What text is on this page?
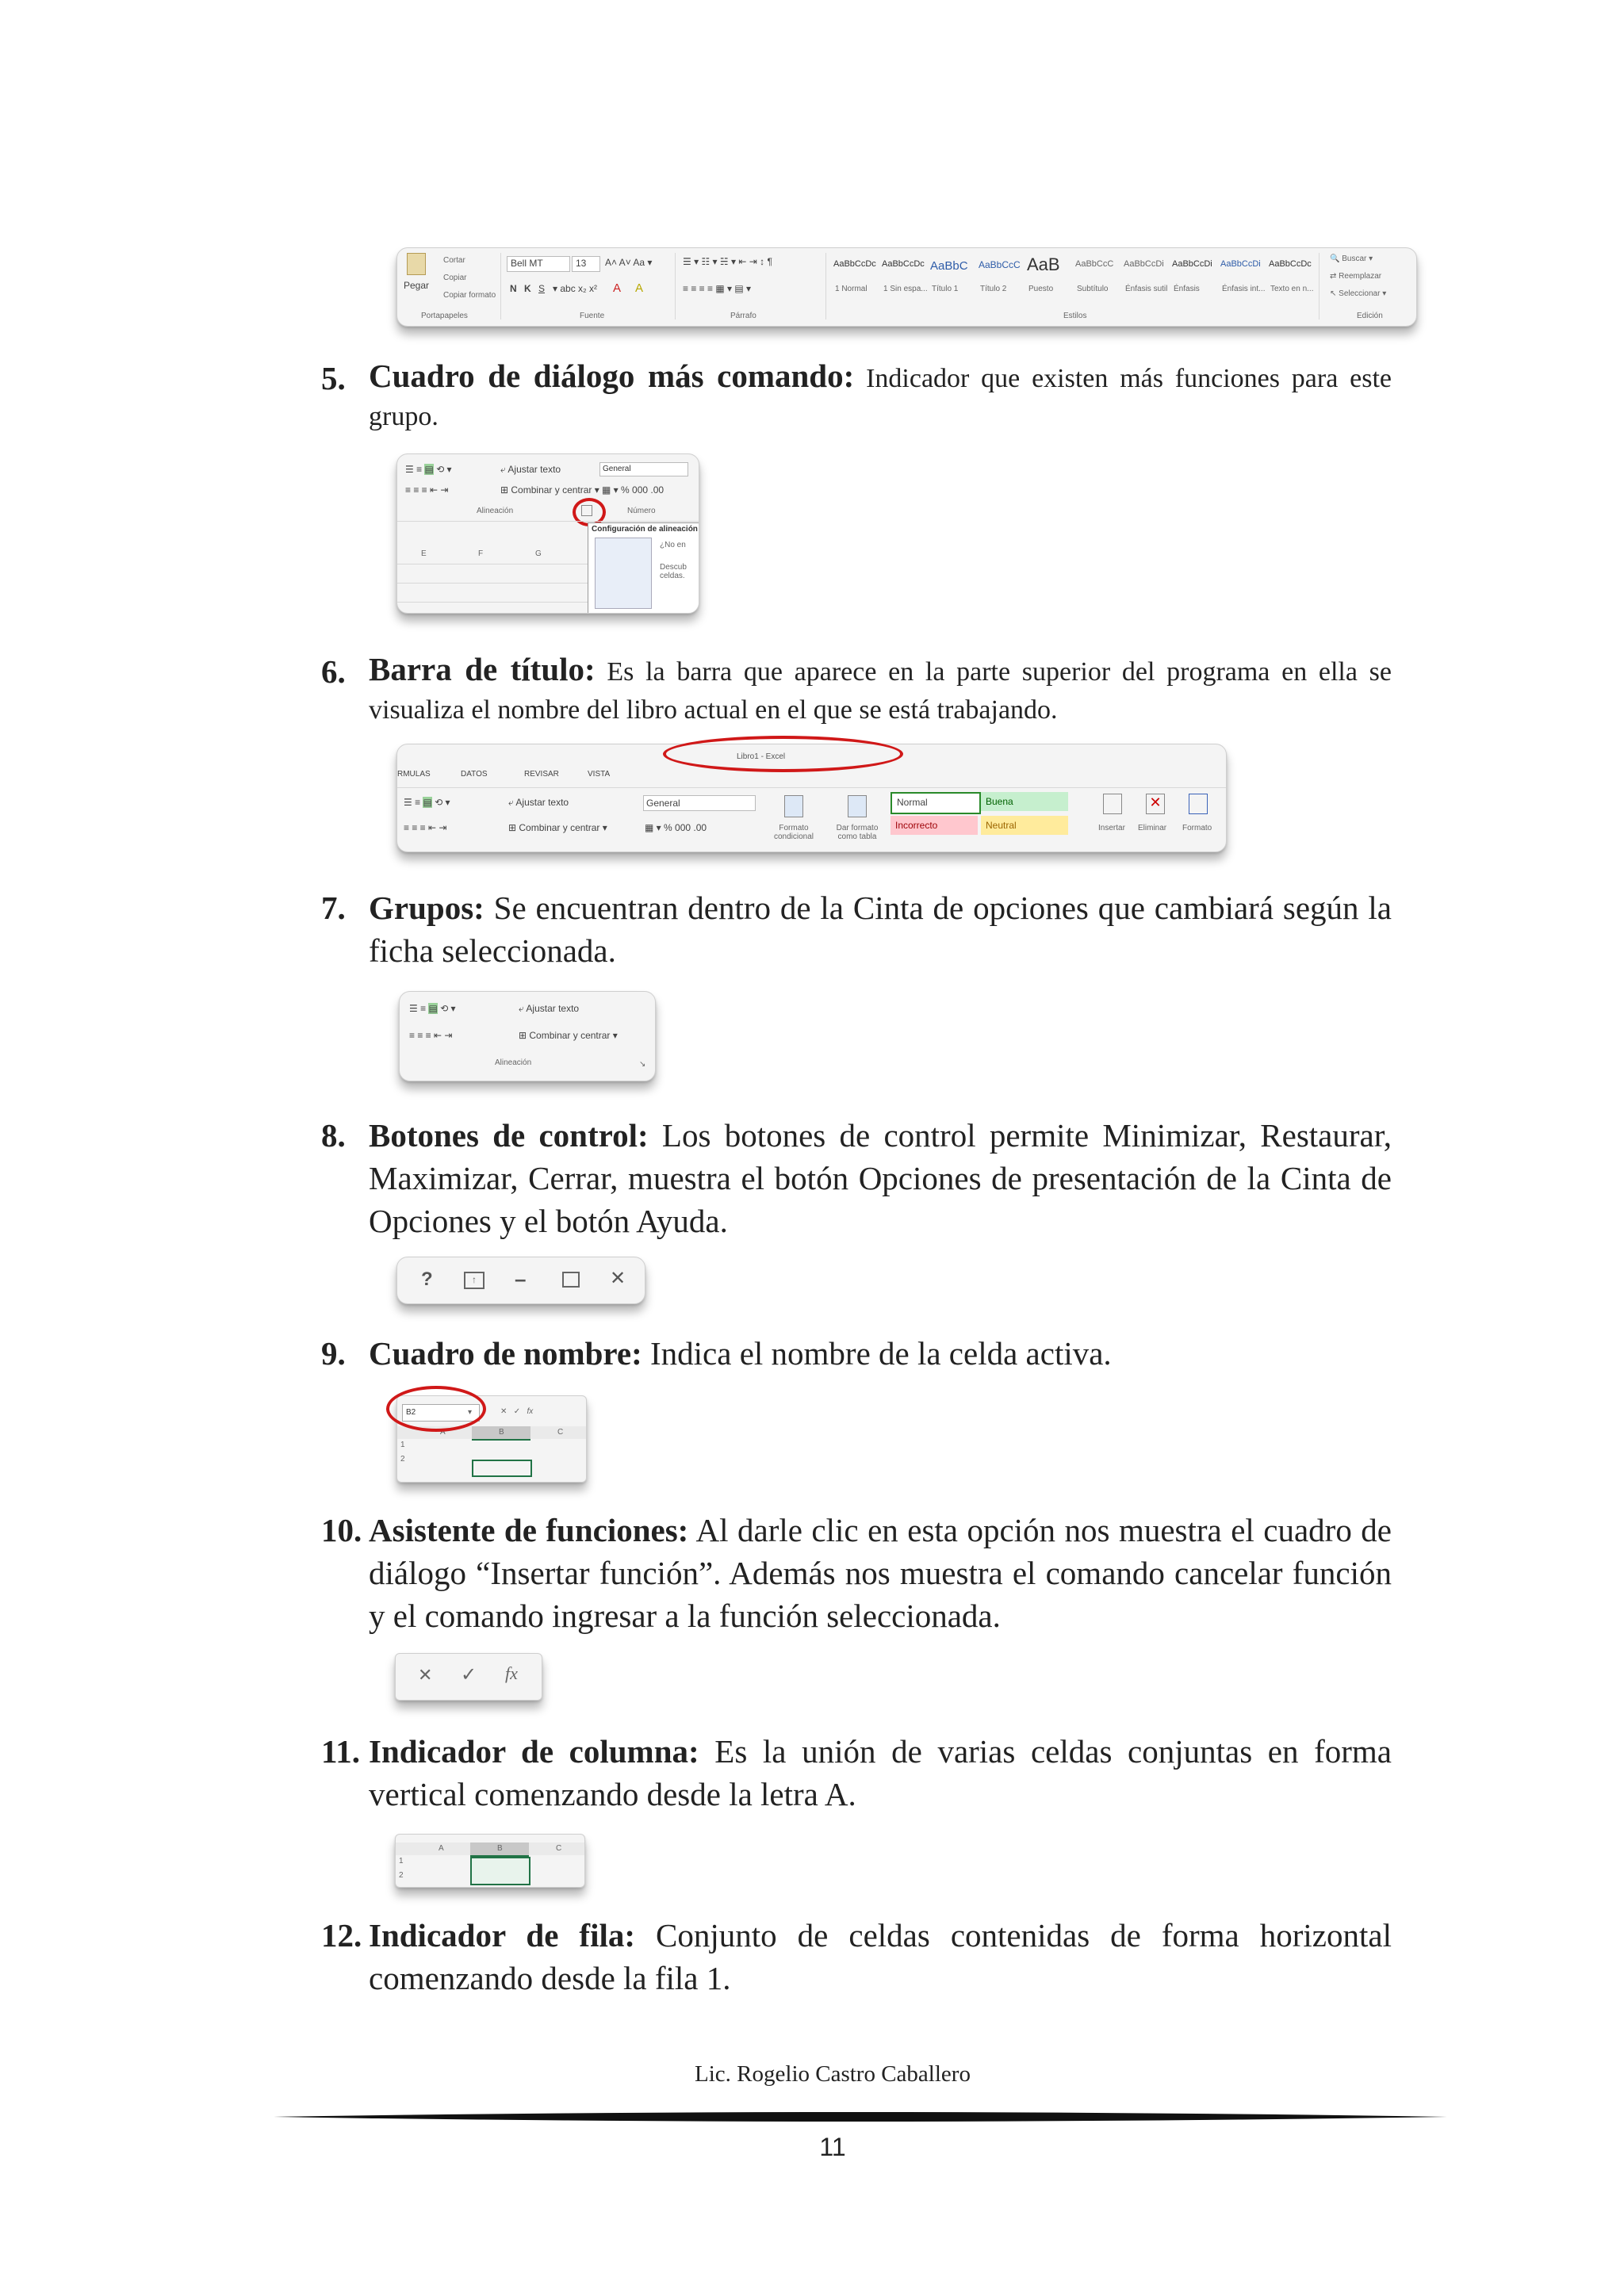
Pegar
Cortar
Copiar
Copiar formato
Portapapeles
Bell MT	13 A˄ A˅ Aa ▾
N K S ▾ abc x₂ x² A A
Fuente
☰ ▾ ☷ ▾ ☵ ▾ ⇤ ⇥ ↕ ¶
≡ ≡ ≡ ≡ ▦ ▾ ▤ ▾
Párrafo
AaBbCcDc
1 Normal
AaBbCcDc
1 Sin espa...
AaBbC
Título 1
AaBbCcC
Título 2
AaB
Puesto
AaBbCcC
Subtítulo
AaBbCcDi
Énfasis sutil
AaBbCcDi
Énfasis
AaBbCcDi
Énfasis int...
AaBbCcDc
Texto en n...
Estilos
🔍 Buscar ▾
⇄ Reemplazar
↖ Seleccionar ▾
Edición
5. Cuadro de diálogo más comando: Indicador que existen más funciones para este grupo.
☰ ≡ ▤ ⟲ ▾	⤶ Ajustar texto	General
≡ ≡ ≡ ⇤ ⇥	⊞ Combinar y centrar ▾ ▦ ▾ % 000 .00
Alineación	Número
E	F	G
Configuración de alineación
¿No en
Descub celdas.
6. Barra de título: Es la barra que aparece en la parte superior del programa en ella se visualiza el nombre del libro actual en el que se está trabajando.
RMULAS	DATOS	REVISAR	VISTA
Libro1 - Excel
☰ ≡ ▤ ⟲ ▾	⤶ Ajustar texto	General
≡ ≡ ≡ ⇤ ⇥	⊞ Combinar y centrar ▾	▦ ▾ % 000 .00	Formato condicional
Dar formato como tabla
Normal	Buena
Incorrecto	Neutral	Insertar
✕
Eliminar Formato
7. Grupos: Se encuentran dentro de la Cinta de opciones que cambiará según la ficha seleccionada.
☰ ≡ ▤ ⟲ ▾	⤶ Ajustar texto
≡ ≡ ≡ ⇤ ⇥	⊞ Combinar y centrar ▾
Alineación	↘
8. Botones de control: Los botones de control permite Minimizar, Restaurar, Maximizar, Cerrar, muestra el botón Opciones de presentación de la Cinta de Opciones y el botón Ayuda.
?	↑	–	✕
9. Cuadro de nombre: Indica el nombre de la celda activa.
B2	▾	✕   ✓   fx
A	B	C
1
2
10. Asistente de funciones: Al darle clic en esta opción nos muestra el cuadro de diálogo “Insertar función”. Además nos muestra el comando cancelar función y el comando ingresar a la función seleccionada.
✕ ✓ fx
11. Indicador de columna: Es la unión de varias celdas conjuntas en forma vertical comenzando desde la letra A.
A	B	C
1
2
12. Indicador de fila: Conjunto de celdas contenidas de forma horizontal comenzando desde la fila 1.
Lic. Rogelio Castro Caballero
11
